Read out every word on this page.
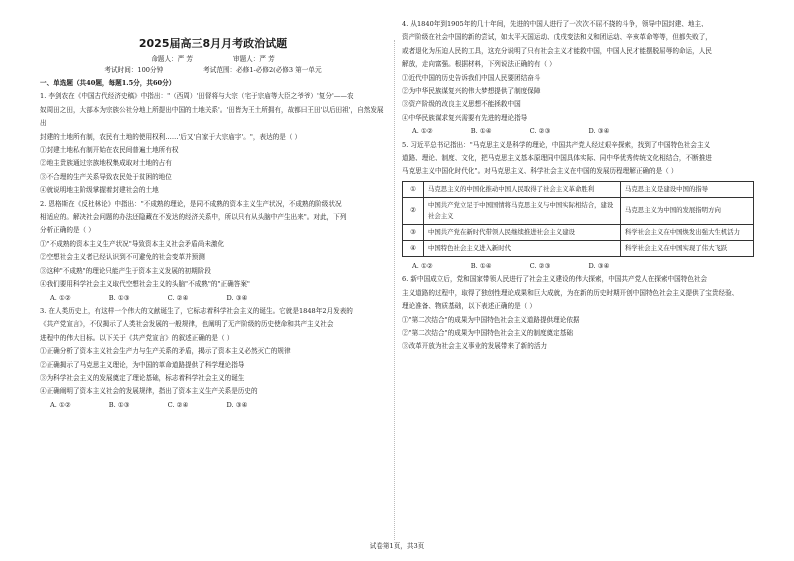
2025届高三8月月考政治试题
命题人：严 芳	审题人：严 芳
考试时间：100分钟	考试范围：必修1-必修2(必修3 第一单元

一、单选题（共40题，每题1.5分，共60分）

1. 李剑农在《中国古代经济史稿》中指出："（西周）'田督将与大宗（宅于宗庙等大臣之爷爷）'复分'——农

奴周田之田，大部本为宗族公社分地上所提出中国的土地关系'。'田皆为王土所拥有，故都曰王田'以后田祖'，自然发展出

封建的土地所有制，农民有土地的使用权利……'后又'自家于大宗庙宇'。"，表达的是（ ）

①封建土地私有制开始在农民间普遍土地所有权

②地主贵族通过宗族地权集成取对土地的占有

③不合理的生产关系导致农民处于贫困的地位

④就说明地主阶级掌握着封建社会的土地

2. 恩格斯在《反杜林论》中指出："不成熟的理论，是同不成熟的资本主义生产状况，不成熟的阶级状况

相适应的。解决社会问题的办法还隐藏在不发达的经济关系中，所以只有从头脑中产生出来"。对此，下列

分析正确的是（ ）

①"不成熟的资本主义生产状况"导致资本主义社会矛盾尚未激化

②空想社会主义者已经认识到不可避免的社会变革并预测

③这种"不成熟"的理论只能产生于资本主义发展的初期阶段

④我们要用科学社会主义取代空想社会主义的头脑"不成熟"的"正确答案"

A. ①②	B. ①③	C. ②④	D. ③④

3. 在人类历史上，有这样一个伟大的文献诞生了，它标志着科学社会主义的诞生。它就是1848年2月发表的

《共产党宣言》，不仅揭示了人类社会发展的一般规律，也阐明了无产阶级的历史使命和共产主义社会

进程中的伟大目标。以下关于《共产党宣言》的叙述正确的是（ ）

①正确分析了资本主义社会生产力与生产关系的矛盾，揭示了资本主义必然灭亡的规律

②正确揭示了马克思主义理论，为中国的革命道路提供了科学理论指导

③为科学社会主义的发展奠定了理论基础，标志着科学社会主义的诞生

④正确阐明了资本主义社会的发展规律，指出了资本主义生产关系是历史的

A. ①②	B. ①③	C. ②④	D. ③④

4. 从1840年到1905年的几十年间，先进的中国人进行了一次次不屈不挠的斗争，领导中国封建、地主、

资产阶级在社会中国的新的尝试，如太平天国运动、戊戌变法和义和团运动、辛亥革命等等，但都失败了，

或者退化为压迫人民的工具，这充分说明了只有社会主义才能救中国，中国人民才能摆脱屈辱的命运，人民

解放，走向富强。根据材料，下列说法正确的有（ ）

①近代中国的历史告诉我们中国人民要团结奋斗

②为中华民族谋复兴的伟大梦想提供了制度保障

③资产阶级的改良主义思想不能拯救中国

④中华民族谋求复兴需要有先进的理论指导

A. ①②	B. ①④	C. ②③	D. ③④

5. 习近平总书记指出："马克思主义是科学的理论，中国共产党人经过艰辛探索，找到了中国特色社会主义

道路、理论、制度、文化，把马克思主义基本原理同中国具体实际、同中华优秀传统文化相结合，不断推进

马克思主义中国化时代化"。对马克思主义、科学社会主义在中国的发展历程理解正确的是（ ）

①	马克思主义的中国化推动中国人民取得了社会主义革命胜利	马克思主义是建设中国的指导
②	中国共产党立足于中国国情将马克思主义与中国实际相结合，建设社会主义	马克思主义为中国的发展指明方向
③	中国共产党在新时代带领人民继续推进社会主义建设	科学社会主义在中国焕发出强大生机活力
④	中国特色社会主义进入新时代	科学社会主义在中国实现了伟大飞跃
A. ①②	B. ①④	C. ②③	D. ③④

6. 新中国成立后，党和国家带领人民进行了社会主义建设的伟大探索，中国共产党人在探索中国特色社会

主义道路的过程中，取得了独创性理论成果和巨大成就，为在新的历史时期开创中国特色社会主义提供了宝贵经验、

理论准备、物质基础，以下表述正确的是（ ）

①"第二次结合"的成果为中国特色社会主义道路提供理论依据

②"第二次结合"的成果为中国特色社会主义的制度奠定基础

③改革开放为社会主义事业的发展带来了新的活力

试卷第1页，共3页
